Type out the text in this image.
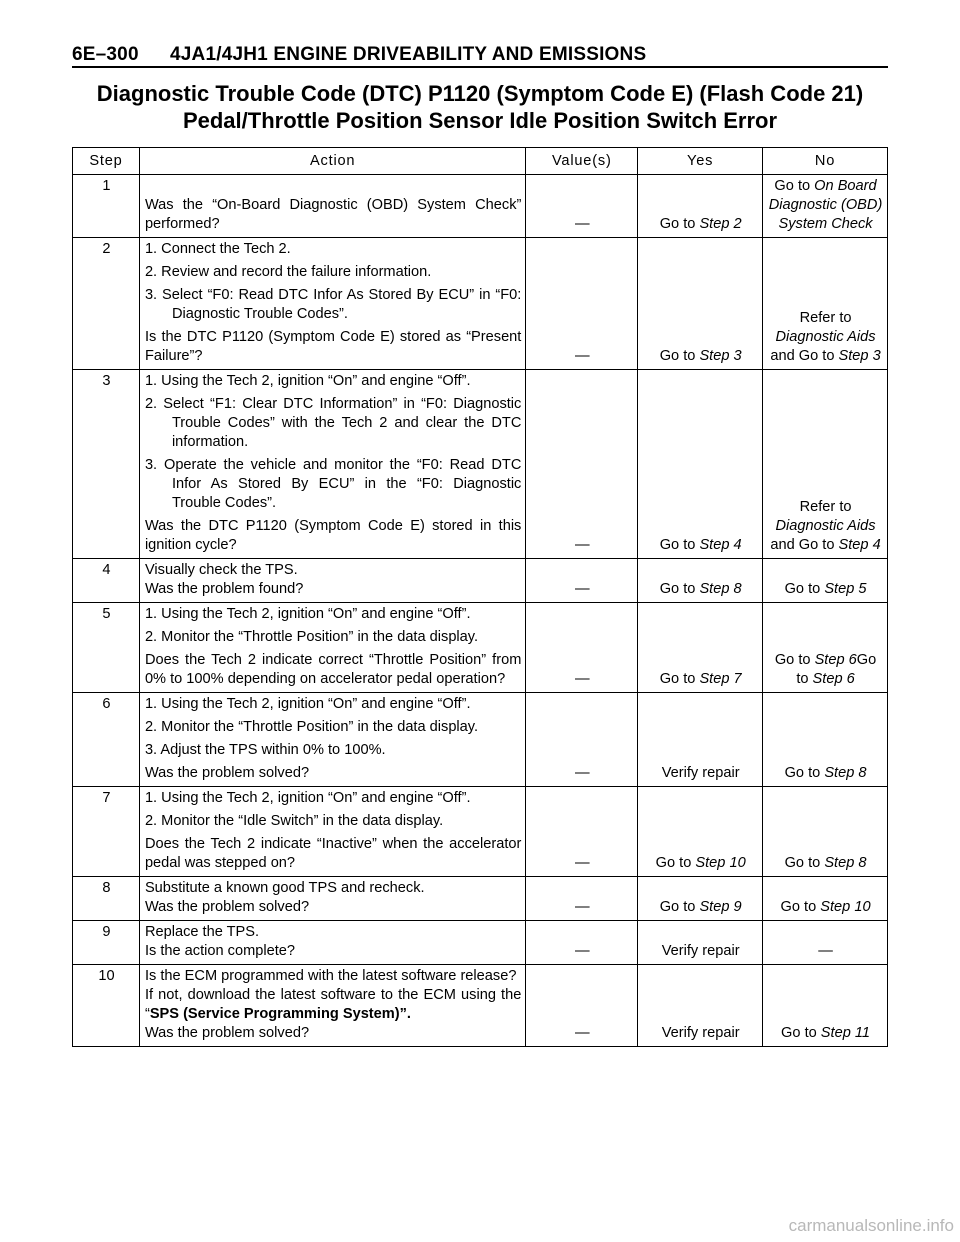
6E–300 4JA1/4JH1 ENGINE DRIVEABILITY AND EMISSIONS
Diagnostic Trouble Code (DTC) P1120 (Symptom Code E) (Flash Code 21)
Pedal/Throttle Position Sensor Idle Position Switch Error
Step	Action	Value(s)	Yes	No
1	Was the “On-Board Diagnostic (OBD) System Check” performed?	—	Go to Step 2	Go to On Board Diagnostic (OBD) System Check
2	1. Connect the Tech 2.
2. Review and record the failure information.
3. Select “F0: Read DTC Infor As Stored By ECU” in “F0: Diagnostic Trouble Codes”.
Is the DTC P1120 (Symptom Code E) stored as “Present Failure”?	—	Go to Step 3	Refer to Diagnostic Aids and Go to Step 3
3	1. Using the Tech 2, ignition “On” and engine “Off”.
2. Select “F1: Clear DTC Information” in “F0: Diagnostic Trouble Codes” with the Tech 2 and clear the DTC information.
3. Operate the vehicle and monitor the “F0: Read DTC Infor As Stored By ECU” in the “F0: Diagnostic Trouble Codes”.
Was the DTC P1120 (Symptom Code E) stored in this ignition cycle?	—	Go to Step 4	Refer to Diagnostic Aids and Go to Step 4
4	Visually check the TPS.
Was the problem found?	—	Go to Step 8	Go to Step 5
5	1. Using the Tech 2, ignition “On” and engine “Off”.
2. Monitor the “Throttle Position” in the data display.
Does the Tech 2 indicate correct “Throttle Position” from 0% to 100% depending on accelerator pedal operation?	—	Go to Step 7	Go to Step 6Go to Step 6
6	1. Using the Tech 2, ignition “On” and engine “Off”.
2. Monitor the “Throttle Position” in the data display.
3. Adjust the TPS within 0% to 100%.
Was the problem solved?	—	Verify repair	Go to Step 8
7	1. Using the Tech 2, ignition “On” and engine “Off”.
2. Monitor the “Idle Switch” in the data display.
Does the Tech 2 indicate “Inactive” when the accelerator pedal was stepped on?	—	Go to Step 10	Go to Step 8
8	Substitute a known good TPS and recheck.
Was the problem solved?	—	Go to Step 9	Go to Step 10
9	Replace the TPS.
Is the action complete?	—	Verify repair	—
10	Is the ECM programmed with the latest software release?
If not, download the latest software to the ECM using the “SPS (Service Programming System)”.
Was the problem solved?	—	Verify repair	Go to Step 11
carmanualsonline.info
